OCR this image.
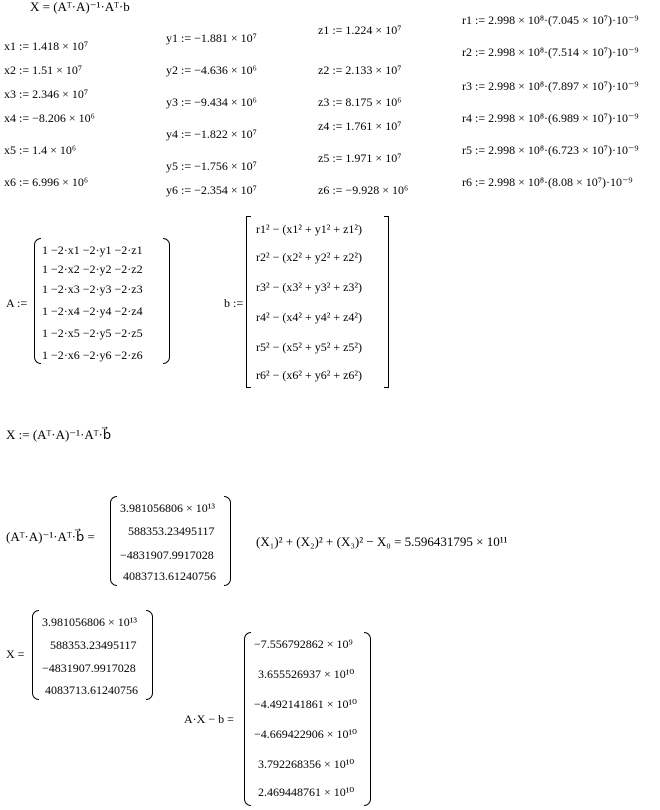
X = (Aᵀ·A)⁻¹·Aᵀ·b
x1 := 1.418 × 10⁷
x2 := 1.51 × 10⁷
x3 := 2.346 × 10⁷
x4 := −8.206 × 10⁶
x5 := 1.4 × 10⁶
x6 := 6.996 × 10⁶
y1 := −1.881 × 10⁷
y2 := −4.636 × 10⁶
y3 := −9.434 × 10⁶
y4 := −1.822 × 10⁷
y5 := −1.756 × 10⁷
y6 := −2.354 × 10⁷
z1 := 1.224 × 10⁷
z2 := 2.133 × 10⁷
z3 := 8.175 × 10⁶
z4 := 1.761 × 10⁷
z5 := 1.971 × 10⁷
z6 := −9.928 × 10⁶
r1 := 2.998 × 10⁸·(7.045 × 10⁷)·10⁻⁹
r2 := 2.998 × 10⁸·(7.514 × 10⁷)·10⁻⁹
r3 := 2.998 × 10⁸·(7.897 × 10⁷)·10⁻⁹
r4 := 2.998 × 10⁸·(6.989 × 10⁷)·10⁻⁹
r5 := 2.998 × 10⁸·(6.723 × 10⁷)·10⁻⁹
r6 := 2.998 × 10⁸·(8.08 × 10⁷)·10⁻⁹
A :=
1 −2·x1 −2·y1 −2·z1
1 −2·x2 −2·y2 −2·z2
1 −2·x3 −2·y3 −2·z3
1 −2·x4 −2·y4 −2·z4
1 −2·x5 −2·y5 −2·z5
1 −2·x6 −2·y6 −2·z6
b :=
r1² − (x1² + y1² + z1²)
r2² − (x2² + y2² + z2²)
r3² − (x3² + y3² + z3²)
r4² − (x4² + y4² + z4²)
r5² − (x5² + y5² + z5²)
r6² − (x6² + y6² + z6²)
X := (Aᵀ·A)⁻¹·Aᵀ·b⃗
(Aᵀ·A)⁻¹·Aᵀ·b⃗ =
3.981056806 × 10¹³
588353.23495117
−4831907.9917028
4083713.61240756
(X₁)² + (X₂)² + (X₃)² − X₀ = 5.596431795 × 10¹¹
X =
3.981056806 × 10¹³
588353.23495117
−4831907.9917028
4083713.61240756
A·X − b =
−7.556792862 × 10⁹
3.655526937 × 10¹⁰
−4.492141861 × 10¹⁰
−4.669422906 × 10¹⁰
3.792268356 × 10¹⁰
2.469448761 × 10¹⁰
